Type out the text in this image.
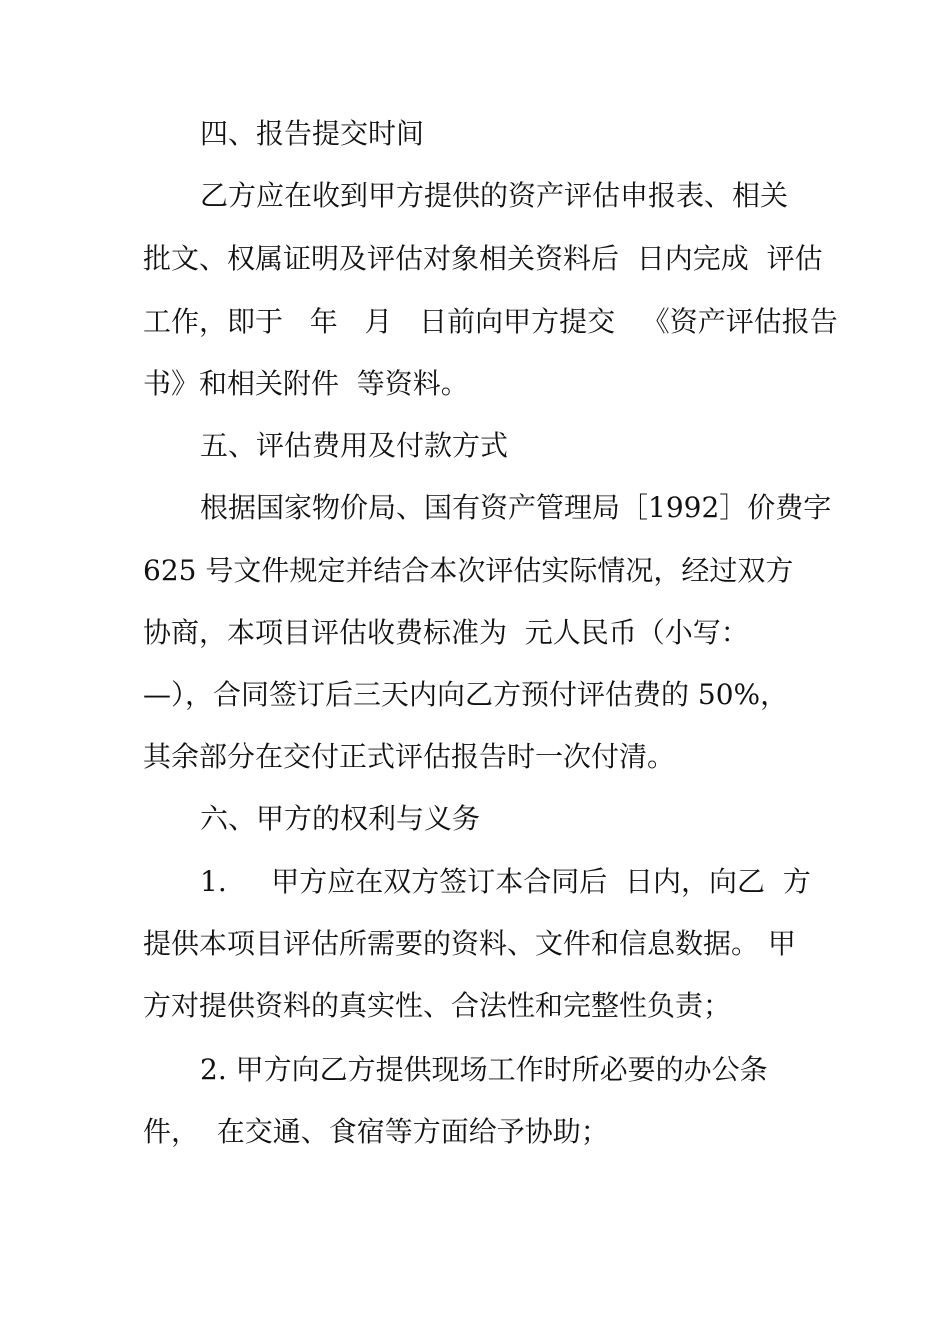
四、报告提交时间
乙方应在收到甲方提供的资产评估申报表、相关
批文、权属证明及评估对象相关资料后  日内完成  评估
工作，即于   年   月   日前向甲方提交   《资产评估报告
书》和相关附件  等资料。
五、评估费用及付款方式
根据国家物价局、国有资产管理局［1992］价费字
625 号文件规定并结合本次评估实际情况，经过双方
协商，本项目评估收费标准为  元人民币（小写：
—），合同签订后三天内向乙方预付评估费的 50%，
其余部分在交付正式评估报告时一次付清。
六、甲方的权利与义务
1.     甲方应在双方签订本合同后  日内，向乙  方
提供本项目评估所需要的资料、文件和信息数据。 甲
方对提供资料的真实性、合法性和完整性负责；
2. 甲方向乙方提供现场工作时所必要的办公条
件，  在交通、食宿等方面给予协助；
